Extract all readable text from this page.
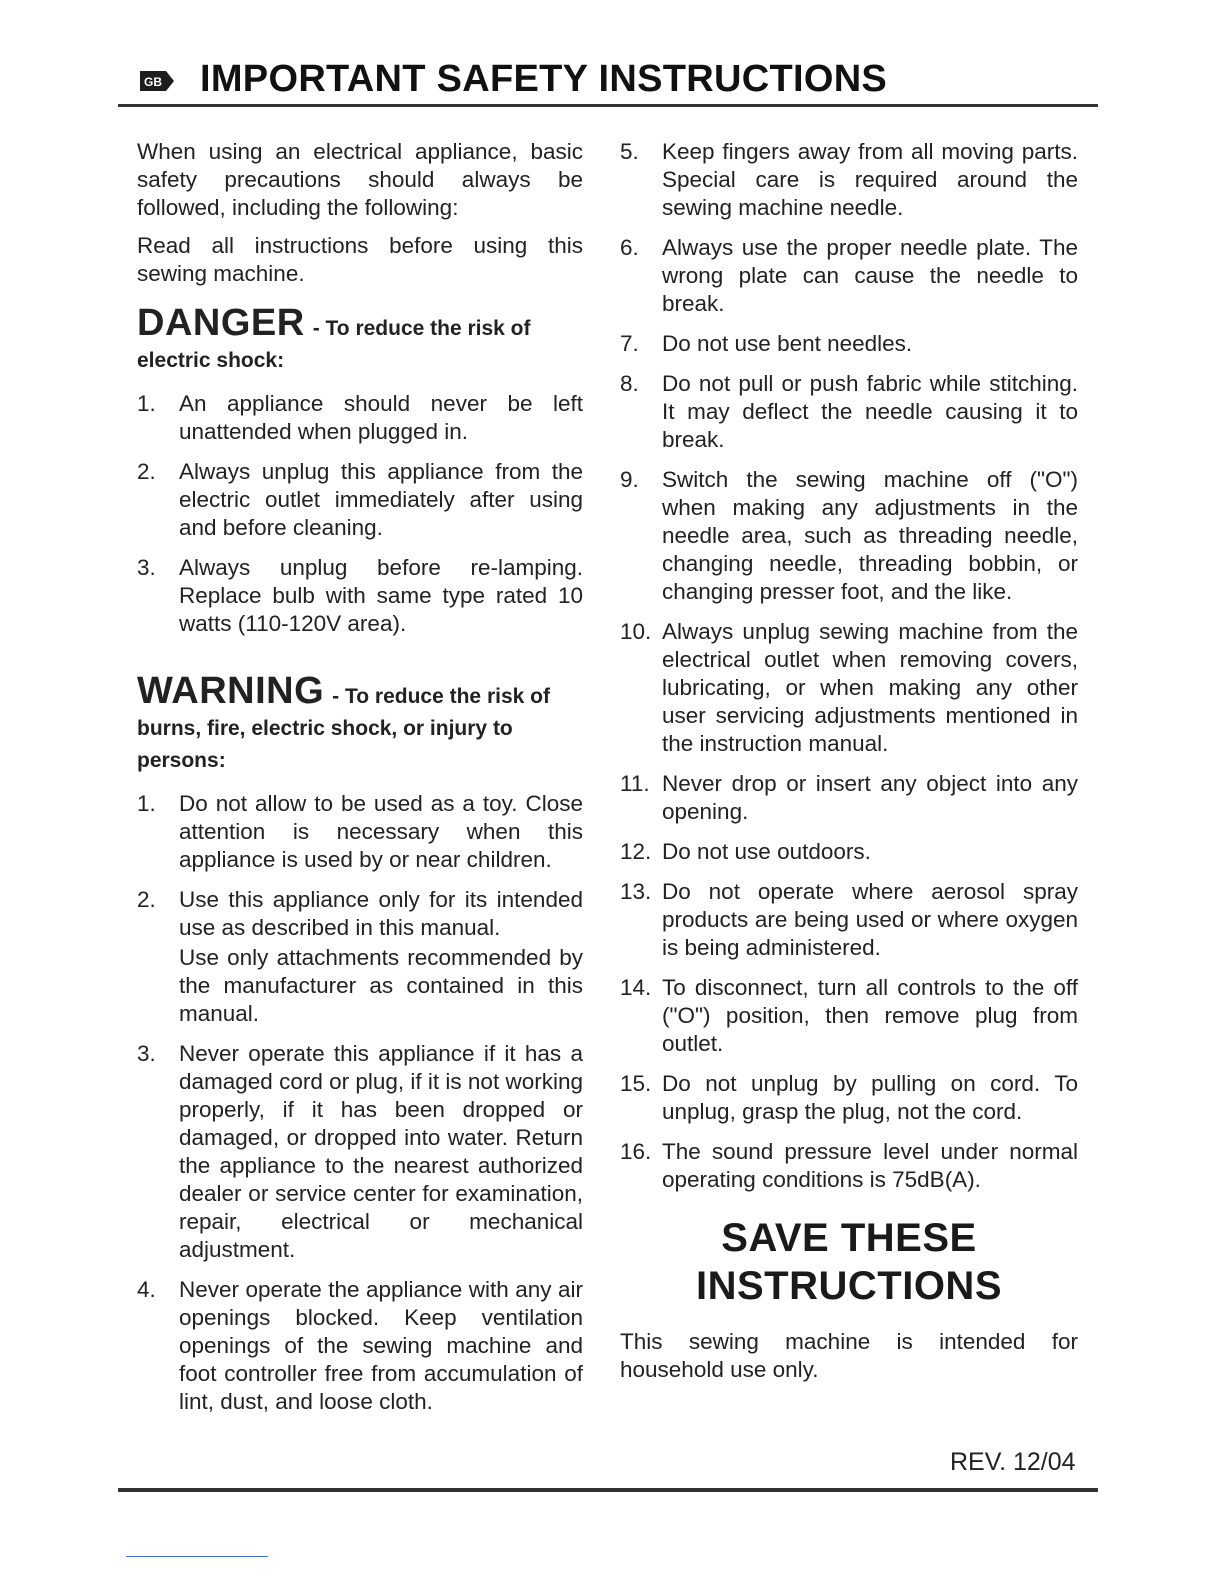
GB IMPORTANT SAFETY INSTRUCTIONS

When using an electrical appliance, basic safety precautions should always be followed, including the following:

Read all instructions before using this sewing machine.

DANGER - To reduce the risk of electric shock:
1. An appliance should never be left unattended when plugged in.
2. Always unplug this appliance from the electric outlet immediately after using and before cleaning.
3. Always unplug before re-lamping. Replace bulb with same type rated 10 watts (110-120V area).
WARNING - To reduce the risk of burns, fire, electric shock, or injury to persons:
1. Do not allow to be used as a toy. Close attention is necessary when this appliance is used by or near children.
2. Use this appliance only for its intended use as described in this manual.
Use only attachments recommended by the manufacturer as contained in this manual.
3. Never operate this appliance if it has a damaged cord or plug, if it is not working properly, if it has been dropped or damaged, or dropped into water. Return the appliance to the nearest authorized dealer or service center for examination, repair, electrical or mechanical adjustment.
4. Never operate the appliance with any air openings blocked. Keep ventilation openings of the sewing machine and foot controller free from accumulation of lint, dust, and loose cloth.
5. Keep fingers away from all moving parts. Special care is required around the sewing machine needle.
6. Always use the proper needle plate. The wrong plate can cause the needle to break.
7. Do not use bent needles.
8. Do not pull or push fabric while stitching. It may deflect the needle causing it to break.
9. Switch the sewing machine off ("O") when making any adjustments in the needle area, such as threading needle, changing needle, threading bobbin, or changing presser foot, and the like.
10. Always unplug sewing machine from the electrical outlet when removing covers, lubricating, or when making any other user servicing adjustments mentioned in the instruction manual.
11. Never drop or insert any object into any opening.
12. Do not use outdoors.
13. Do not operate where aerosol spray products are being used or where oxygen is being administered.
14. To disconnect, turn all controls to the off ("O") position, then remove plug from outlet.
15. Do not unplug by pulling on cord. To unplug, grasp the plug, not the cord.
16. The sound pressure level under normal operating conditions is 75dB(A).
SAVE THESE
INSTRUCTIONS

This sewing machine is intended for household use only.

REV. 12/04
